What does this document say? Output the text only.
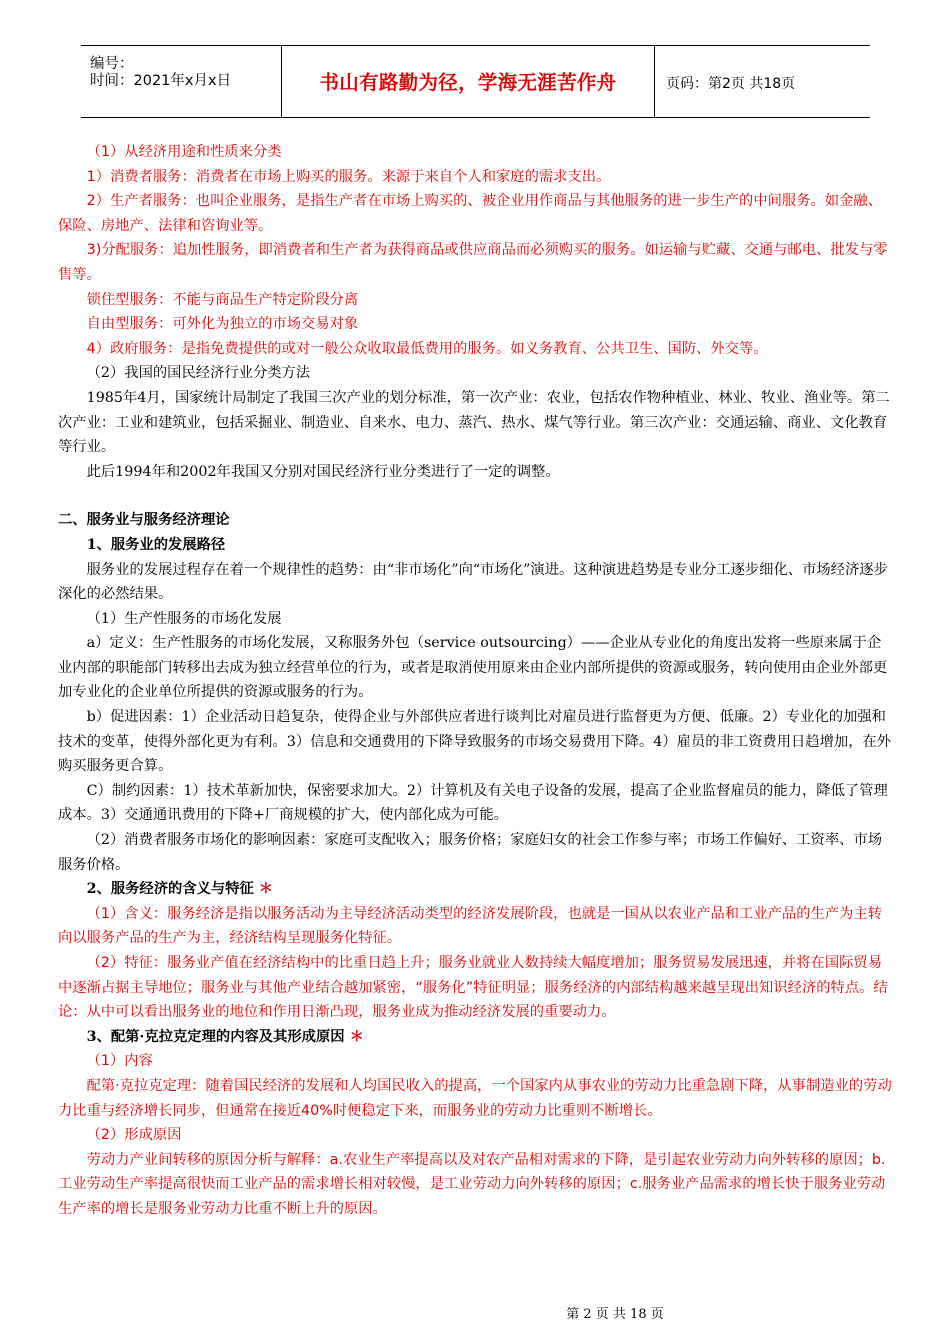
编号：
时间：2021年x月x日	书山有路勤为径，学海无涯苦作舟	页码：第2页 共18页

（1）从经济用途和性质来分类

1）消费者服务：消费者在市场上购买的服务。来源于来自个人和家庭的需求支出。

2）生产者服务：也叫企业服务，是指生产者在市场上购买的、被企业用作商品与其他服务的进一步生产的中间服务。如金融、保险、房地产、法律和咨询业等。

3)分配服务：追加性服务，即消费者和生产者为获得商品或供应商品而必须购买的服务。如运输与贮藏、交通与邮电、批发与零售等。

锁住型服务：不能与商品生产特定阶段分离

自由型服务：可外化为独立的市场交易对象

4）政府服务：是指免费提供的或对一般公众收取最低费用的服务。如义务教育、公共卫生、国防、外交等。

（2）我国的国民经济行业分类方法

1985年4月，国家统计局制定了我国三次产业的划分标准，第一次产业：农业，包括农作物种植业、林业、牧业、渔业等。第二次产业：工业和建筑业，包括采掘业、制造业、自来水、电力、蒸汽、热水、煤气等行业。第三次产业：交通运输、商业、文化教育等行业。

此后1994年和2002年我国又分别对国民经济行业分类进行了一定的调整。

二、服务业与服务经济理论

1、服务业的发展路径

服务业的发展过程存在着一个规律性的趋势：由“非市场化”向“市场化”演进。这种演进趋势是专业分工逐步细化、市场经济逐步深化的必然结果。

（1）生产性服务的市场化发展

a）定义：生产性服务的市场化发展，又称服务外包（service outsourcing）——企业从专业化的角度出发将一些原来属于企业内部的职能部门转移出去成为独立经营单位的行为，或者是取消使用原来由企业内部所提供的资源或服务，转向使用由企业外部更加专业化的企业单位所提供的资源或服务的行为。

b）促进因素：1）企业活动日趋复杂，使得企业与外部供应者进行谈判比对雇员进行监督更为方便、低廉。2）专业化的加强和技术的变革，使得外部化更为有利。3）信息和交通费用的下降导致服务的市场交易费用下降。4）雇员的非工资费用日趋增加，在外购买服务更合算。

C）制约因素：1）技术革新加快，保密要求加大。2）计算机及有关电子设备的发展，提高了企业监督雇员的能力，降低了管理成本。3）交通通讯费用的下降+厂商规模的扩大，使内部化成为可能。

（2）消费者服务市场化的影响因素：家庭可支配收入；服务价格；家庭妇女的社会工作参与率；市场工作偏好、工资率、市场服务价格。

2、服务经济的含义与特征 ＊

（1）含义：服务经济是指以服务活动为主导经济活动类型的经济发展阶段，也就是一国从以农业产品和工业产品的生产为主转向以服务产品的生产为主，经济结构呈现服务化特征。

（2）特征：服务业产值在经济结构中的比重日趋上升；服务业就业人数持续大幅度增加；服务贸易发展迅速，并将在国际贸易中逐渐占据主导地位；服务业与其他产业结合越加紧密，“服务化”特征明显；服务经济的内部结构越来越呈现出知识经济的特点。结论：从中可以看出服务业的地位和作用日渐凸现，服务业成为推动经济发展的重要动力。

3、配第·克拉克定理的内容及其形成原因 ＊

（1）内容

配第·克拉克定理：随着国民经济的发展和人均国民收入的提高，一个国家内从事农业的劳动力比重急剧下降，从事制造业的劳动力比重与经济增长同步，但通常在接近40%时便稳定下来，而服务业的劳动力比重则不断增长。

（2）形成原因

劳动力产业间转移的原因分析与解释：a.农业生产率提高以及对农产品相对需求的下降，是引起农业劳动力向外转移的原因；b.工业劳动生产率提高很快而工业产品的需求增长相对较慢，是工业劳动力向外转移的原因；c.服务业产品需求的增长快于服务业劳动生产率的增长是服务业劳动力比重不断上升的原因。

第 2 页 共 18 页
